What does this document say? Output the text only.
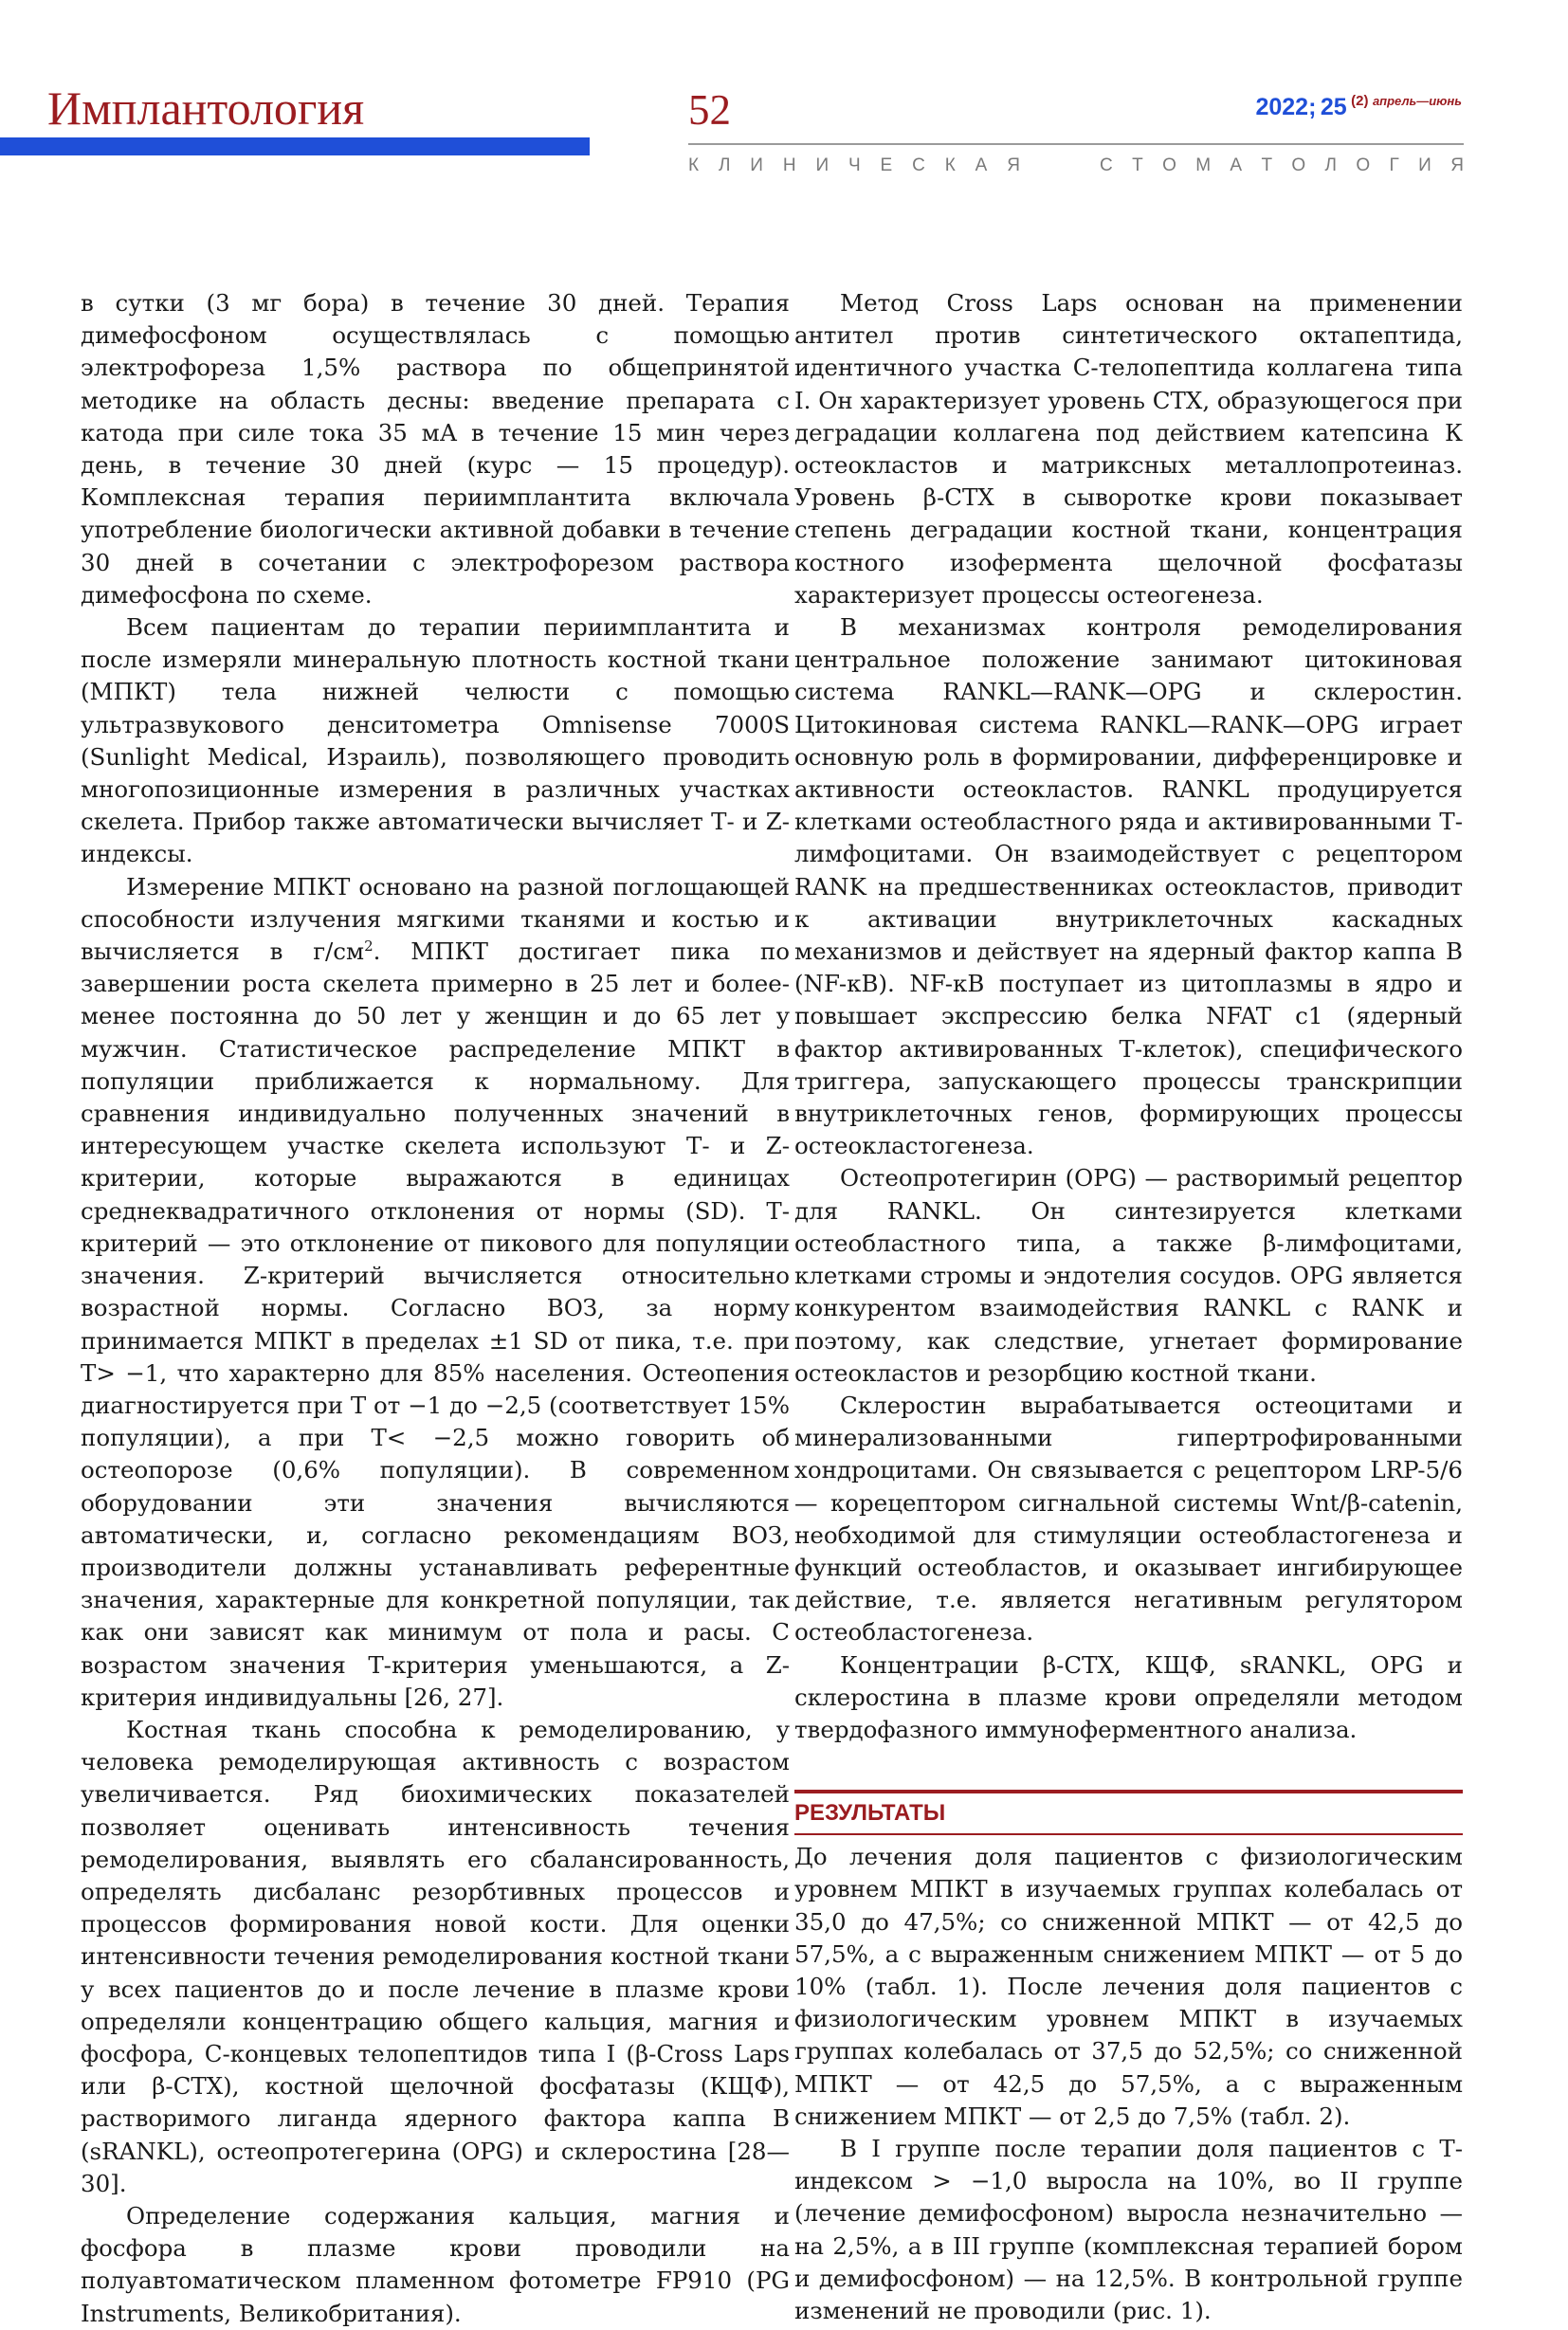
Имплантология	52	2022; 25 (2) $^{апрель—июнь}$
К Л И Н И Ч Е С К А Я	С Т О М А Т О Л О Г И Я

в сутки (3 мг бора) в течение 30 дней. Терапия димефосфоном осуществлялась с помощью электрофореза 1,5% раствора по общепринятой методике на область десны: введение препарата с катода при силе тока 35 мА в течение 15 мин через день, в течение 30 дней (курс — 15 процедур). Комплексная терапия периимплантита включала употребление биологически активной добавки в течение 30 дней в сочетании с электрофорезом раствора димефосфона по схеме.

Всем пациентам до терапии периимплантита и после измеряли минеральную плотность костной ткани (МПКТ) тела нижней челюсти с помощью ультразвукового денситометра Omnisense 7000S (Sunlight Medical, Израиль), позволяющего проводить многопозиционные измерения в различных участках скелета. Прибор также автоматически вычисляет Т- и Z-индексы.

Измерение МПКТ основано на разной поглощающей способности излучения мягкими тканями и костью и вычисляется в $г/см^2$. МПКТ достигает пика по завершении роста скелета примерно в 25 лет и более-менее постоянна до 50 лет у женщин и до 65 лет у мужчин. Статистическое распределение МПКТ в популяции приближается к нормальному. Для сравнения индивидуально полученных значений в интересующем участке скелета используют Т- и Z-критерии, которые выражаются в единицах среднеквадратичного отклонения от нормы (SD). Т-критерий — это отклонение от пикового для популяции значения. Z-критерий вычисляется относительно возрастной нормы. Согласно ВОЗ, за норму принимается МПКТ в пределах ±1 SD от пика, т.е. при Т> −1, что характерно для 85% населения. Остеопения диагностируется при Т от −1 до −2,5 (соответствует 15% популяции), а при Т< −2,5 можно говорить об остеопорозе (0,6% популяции). В современном оборудовании эти значения вычисляются автоматически, и, согласно рекомендациям ВОЗ, производители должны устанавливать референтные значения, характерные для конкретной популяции, так как они зависят как минимум от пола и расы. С возрастом значения Т-критерия уменьшаются, а Z-критерия индивидуальны [26, 27].

Костная ткань способна к ремоделированию, у человека ремоделирующая активность с возрастом увеличивается. Ряд биохимических показателей позволяет оценивать интенсивность течения ремоделирования, выявлять его сбалансированность, определять дисбаланс резорбтивных процессов и процессов формирования новой кости. Для оценки интенсивности течения ремоделирования костной ткани у всех пациентов до и после лечение в плазме крови определяли концентрацию общего кальция, магния и фосфора, С-концевых телопептидов типа I (β-Cross Laps или β-CTX), костной щелочной фосфатазы (КЩФ), растворимого лиганда ядерного фактора каппа В (sRANKL), остеопротегерина (OPG) и склеростина [28—30].

Определение содержания кальция, магния и фосфора в плазме крови проводили на полуавтоматическом пламенном фотометре FP910 (PG Instruments, Великобритания).

Метод Cross Laps основан на применении антител против синтетического октапептида, идентичного участка С-телопептида коллагена типа I. Он характеризует уровень СТХ, образующегося при деградации коллагена под действием катепсина К остеокластов и матриксных металлопротеиназ. Уровень β-СТХ в сыворотке крови показывает степень деградации костной ткани, концентрация костного изофермента щелочной фосфатазы характеризует процессы остеогенеза.

В механизмах контроля ремоделирования центральное положение занимают цитокиновая система RANKL—RANK—OPG и склеростин. Цитокиновая система RANKL—RANK—OPG играет основную роль в формировании, дифференцировке и активности остеокластов. RANKL продуцируется клетками остеобластного ряда и активированными Т-лимфоцитами. Он взаимодействует с рецептором RANK на предшественниках остеокластов, приводит к активации внутриклеточных каскадных механизмов и действует на ядерный фактор каппа В (NF-κВ). NF-κВ поступает из цитоплазмы в ядро и повышает экспрессию белка NFAT c1 (ядерный фактор активированных Т-клеток), специфического триггера, запускающего процессы транскрипции внутриклеточных генов, формирующих процессы остеокластогенеза.

Остеопротегирин (OPG) — растворимый рецептор для RANKL. Он синтезируется клетками остеобластного типа, а также β-лимфоцитами, клетками стромы и эндотелия сосудов. OPG является конкурентом взаимодействия RANKL с RANK и поэтому, как следствие, угнетает формирование остеокластов и резорбцию костной ткани.

Склеростин вырабатывается остеоцитами и минерализованными гипертрофированными хондроцитами. Он связывается с рецептором LRP-5/6 — корецептором сигнальной системы Wnt/β-catenin, необходимой для стимуляции остеобластогенеза и функций остеобластов, и оказывает ингибирующее действие, т.е. является негативным регулятором остеобластогенеза.

Концентрации β-СТХ, КЩФ, sRANKL, OPG и склеростина в плазме крови определяли методом твердофазного иммуноферментного анализа.

РЕЗУЛЬТАТЫ

До лечения доля пациентов с физиологическим уровнем МПКТ в изучаемых группах колебалась от 35,0 до 47,5%; со сниженной МПКТ — от 42,5 до 57,5%, а с выраженным снижением МПКТ — от 5 до 10% (табл. 1). После лечения доля пациентов с физиологическим уровнем МПКТ в изучаемых группах колебалась от 37,5 до 52,5%; со сниженной МПКТ — от 42,5 до 57,5%, а с выраженным снижением МПКТ — от 2,5 до 7,5% (табл. 2).

В I группе после терапии доля пациентов с Т-индексом > −1,0 выросла на 10%, во II группе (лечение демифосфоном) выросла незначительно — на 2,5%, а в III группе (комплексная терапией бором и демифосфоном) — на 12,5%. В контрольной группе изменений не проводили (рис. 1).
